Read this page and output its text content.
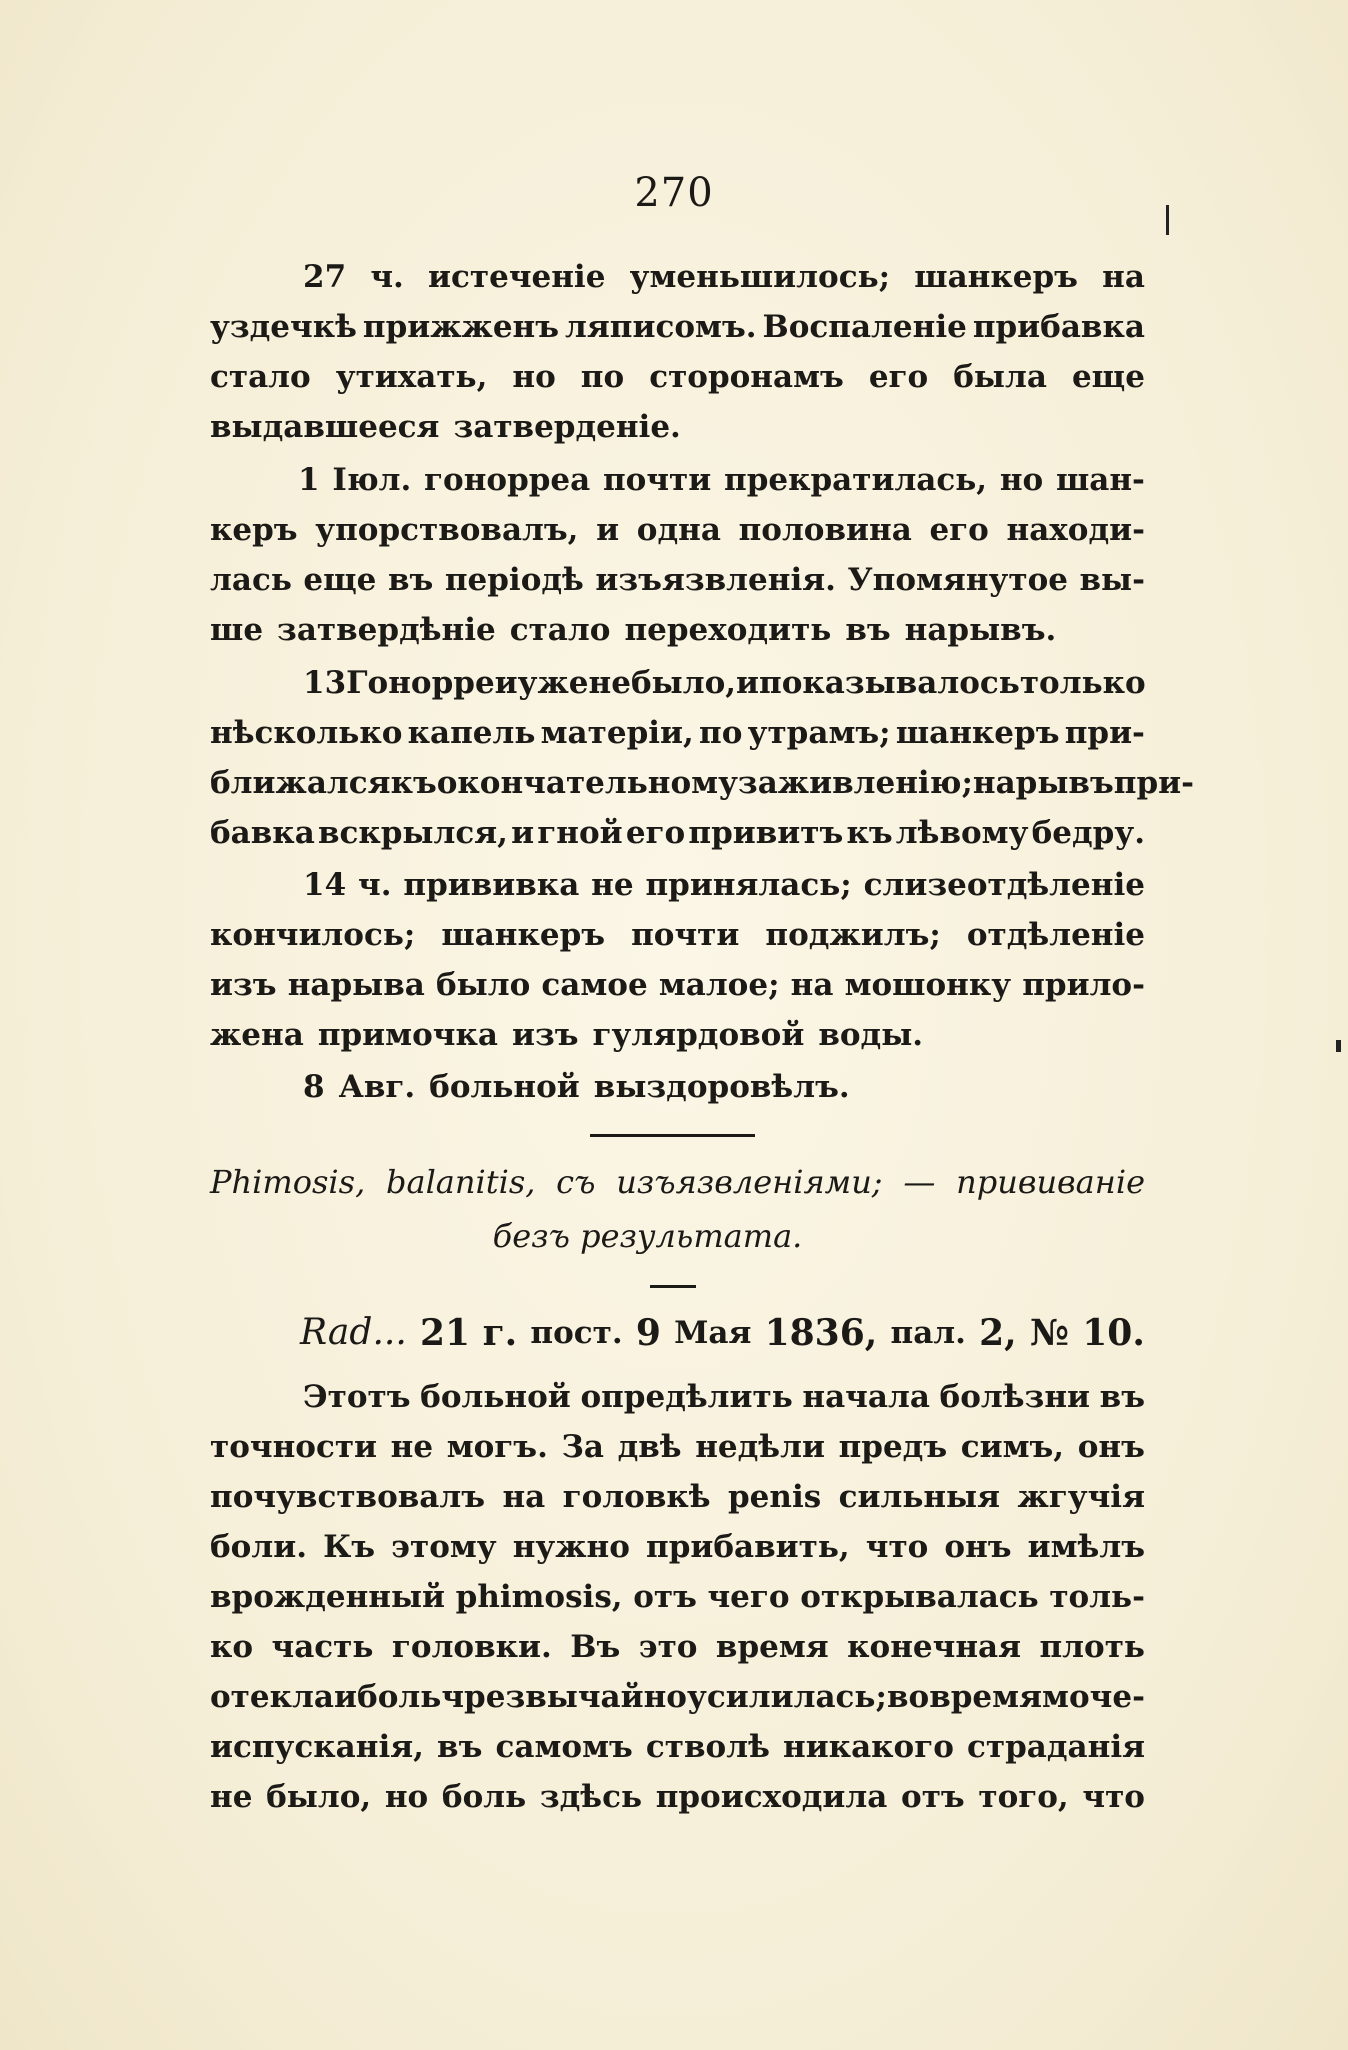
270
27 ч. истеченіе уменьшилось; шанкеръ на
уздечкѣ прижженъ ляписомъ. Воспаленіе прибавка
стало утихать, но по сторонамъ его была еще
выдавшееся затверденіе.
1 Іюл. гонорреа почти прекратилась, но шан-
керъ упорствовалъ, и одна половина его находи-
лась еще въ періодѣ изъязвленія. Упомянутое вы-
ше затвердѣніе стало переходить въ нарывъ.
13 Гонорреи уже не было, и показывалось только
нѣсколько капель матеріи, по утрамъ; шанкеръ при-
ближался къ окончательному заживленію; нарывъ при-
бавка вскрылся, и гной его привитъ къ лѣвому бедру.
14 ч. прививка не принялась; слизеотдѣленіе
кончилось; шанкеръ почти поджилъ; отдѣленіе
изъ нарыва было самое малое; на мошонку прило-
жена примочка изъ гулярдовой воды.
8 Авг. больной выздоровѣлъ.
Phimosis, balanitis, съ изъязвленіями; — прививаніе
безъ результата.
Rad... 21 г. пост. 9 Мая 1836, пал. 2, № 10.
Этотъ больной опредѣлить начала болѣзни въ
точности не могъ. За двѣ недѣли предъ симъ, онъ
почувствовалъ на головкѣ penis сильныя жгучія
боли. Къ этому нужно прибавить, что онъ имѣлъ
врожденный phimosis, отъ чего открывалась толь-
ко часть головки. Въ это время конечная плоть
отекла и боль чрезвычайно усилилась; во время моче-
испусканія, въ самомъ стволѣ никакого страданія
не было, но боль здѣсь происходила отъ того, что
